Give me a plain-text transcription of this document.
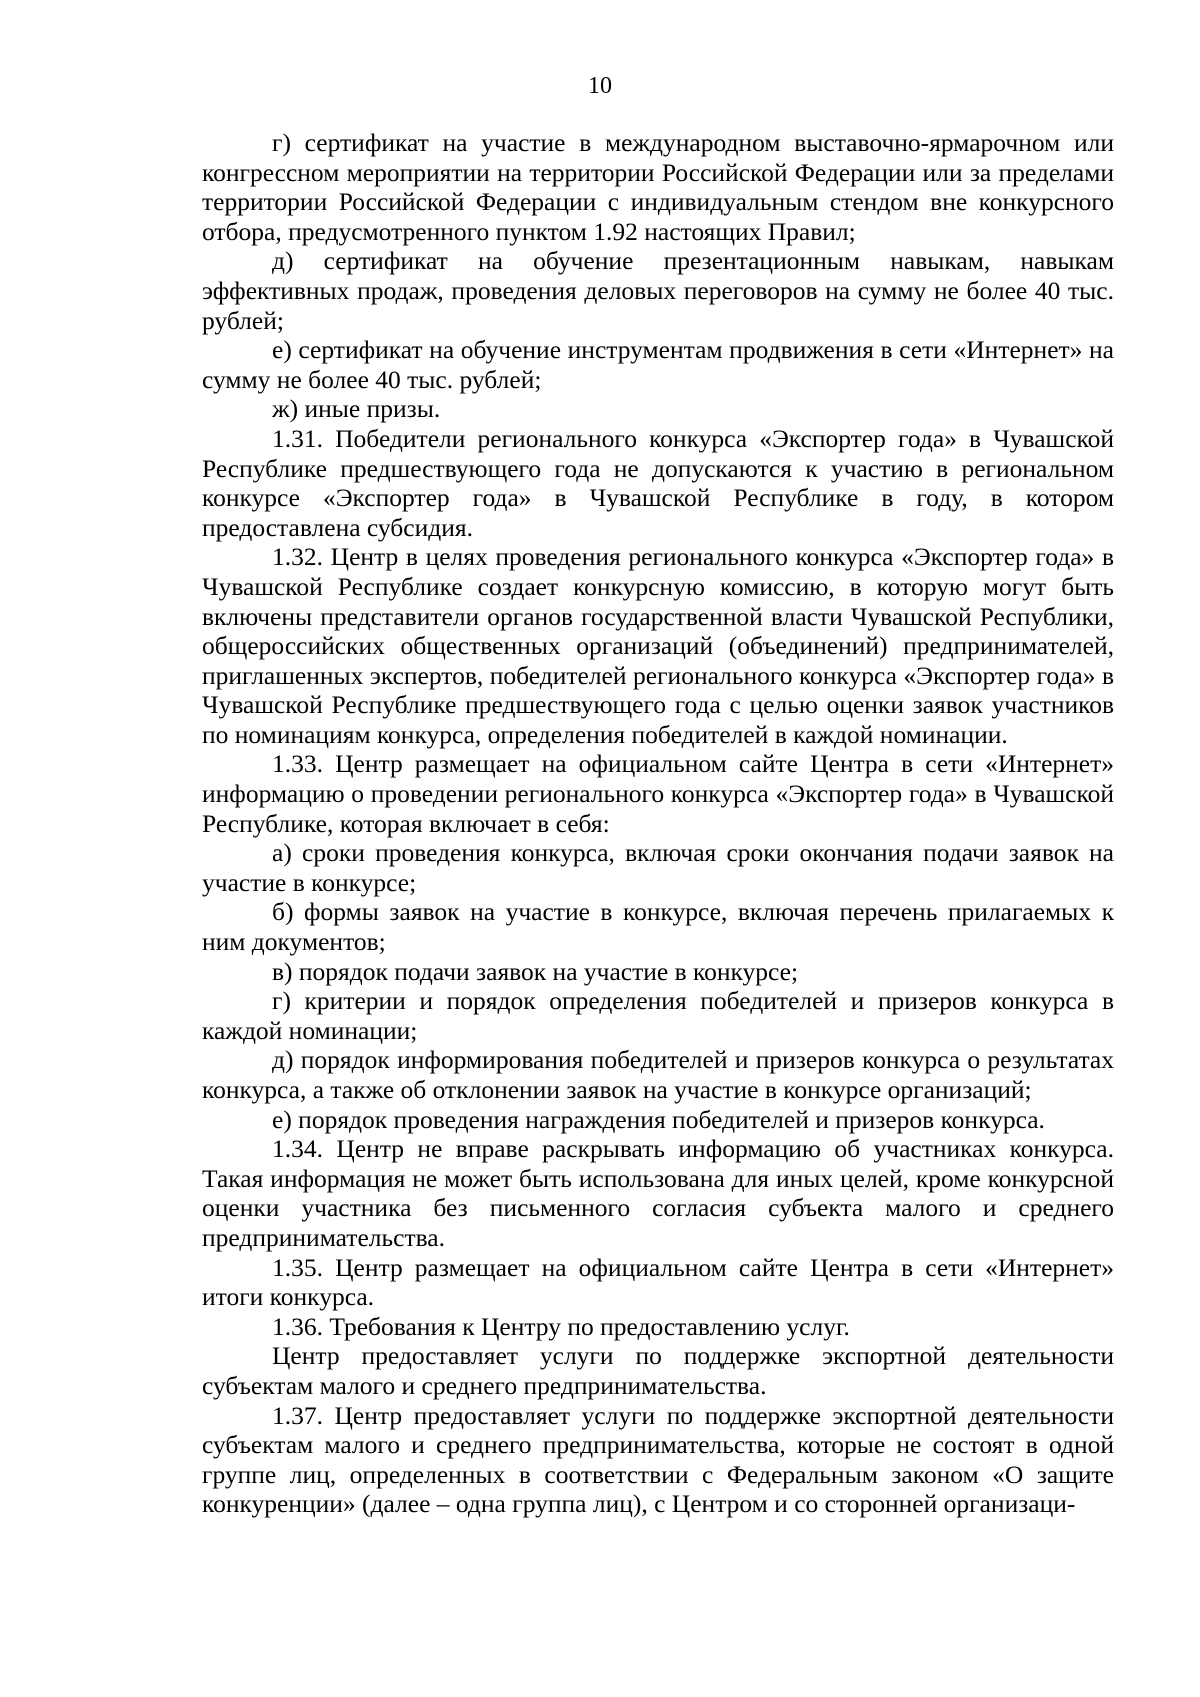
10

г) сертификат на участие в международном выставочно-ярмарочном или конгрессном мероприятии на территории Российской Федерации или за пределами территории Российской Федерации с индивидуальным стендом вне конкурсного отбора, предусмотренного пунктом 1.92 настоящих Правил;

д) сертификат на обучение презентационным навыкам, навыкам эффективных продаж, проведения деловых переговоров на сумму не более 40 тыс. рублей;

е) сертификат на обучение инструментам продвижения в сети «Интернет» на сумму не более 40 тыс. рублей;

ж) иные призы.

1.31. Победители регионального конкурса «Экспортер года» в Чувашской Республике предшествующего года не допускаются к участию в региональном конкурсе «Экспортер года» в Чувашской Республике в году, в котором предоставлена субсидия.

1.32. Центр в целях проведения регионального конкурса «Экспортер года» в Чувашской Республике создает конкурсную комиссию, в которую могут быть включены представители органов государственной власти Чувашской Республики, общероссийских общественных организаций (объединений) предпринимателей, приглашенных экспертов, победителей регионального конкурса «Экспортер года» в Чувашской Республике предшествующего года с целью оценки заявок участников по номинациям конкурса, определения победителей в каждой номинации.

1.33. Центр размещает на официальном сайте Центра в сети «Интернет» информацию о проведении регионального конкурса «Экспортер года» в Чувашской Республике, которая включает в себя:

а) сроки проведения конкурса, включая сроки окончания подачи заявок на участие в конкурсе;

б) формы заявок на участие в конкурсе, включая перечень прилагаемых к ним документов;

в) порядок подачи заявок на участие в конкурсе;

г) критерии и порядок определения победителей и призеров конкурса в каждой номинации;

д) порядок информирования победителей и призеров конкурса о результатах конкурса, а также об отклонении заявок на участие в конкурсе организаций;

е) порядок проведения награждения победителей и призеров конкурса.

1.34. Центр не вправе раскрывать информацию об участниках конкурса. Такая информация не может быть использована для иных целей, кроме конкурсной оценки участника без письменного согласия субъекта малого и среднего предпринимательства.

1.35. Центр размещает на официальном сайте Центра в сети «Интернет» итоги конкурса.

1.36. Требования к Центру по предоставлению услуг.

Центр предоставляет услуги по поддержке экспортной деятельности субъектам малого и среднего предпринимательства.

1.37. Центр предоставляет услуги по поддержке экспортной деятельности субъектам малого и среднего предпринимательства, которые не состоят в одной группе лиц, определенных в соответствии с Федеральным законом «О защите конкуренции» (далее – одна группа лиц), с Центром и со сторонней организаци-
